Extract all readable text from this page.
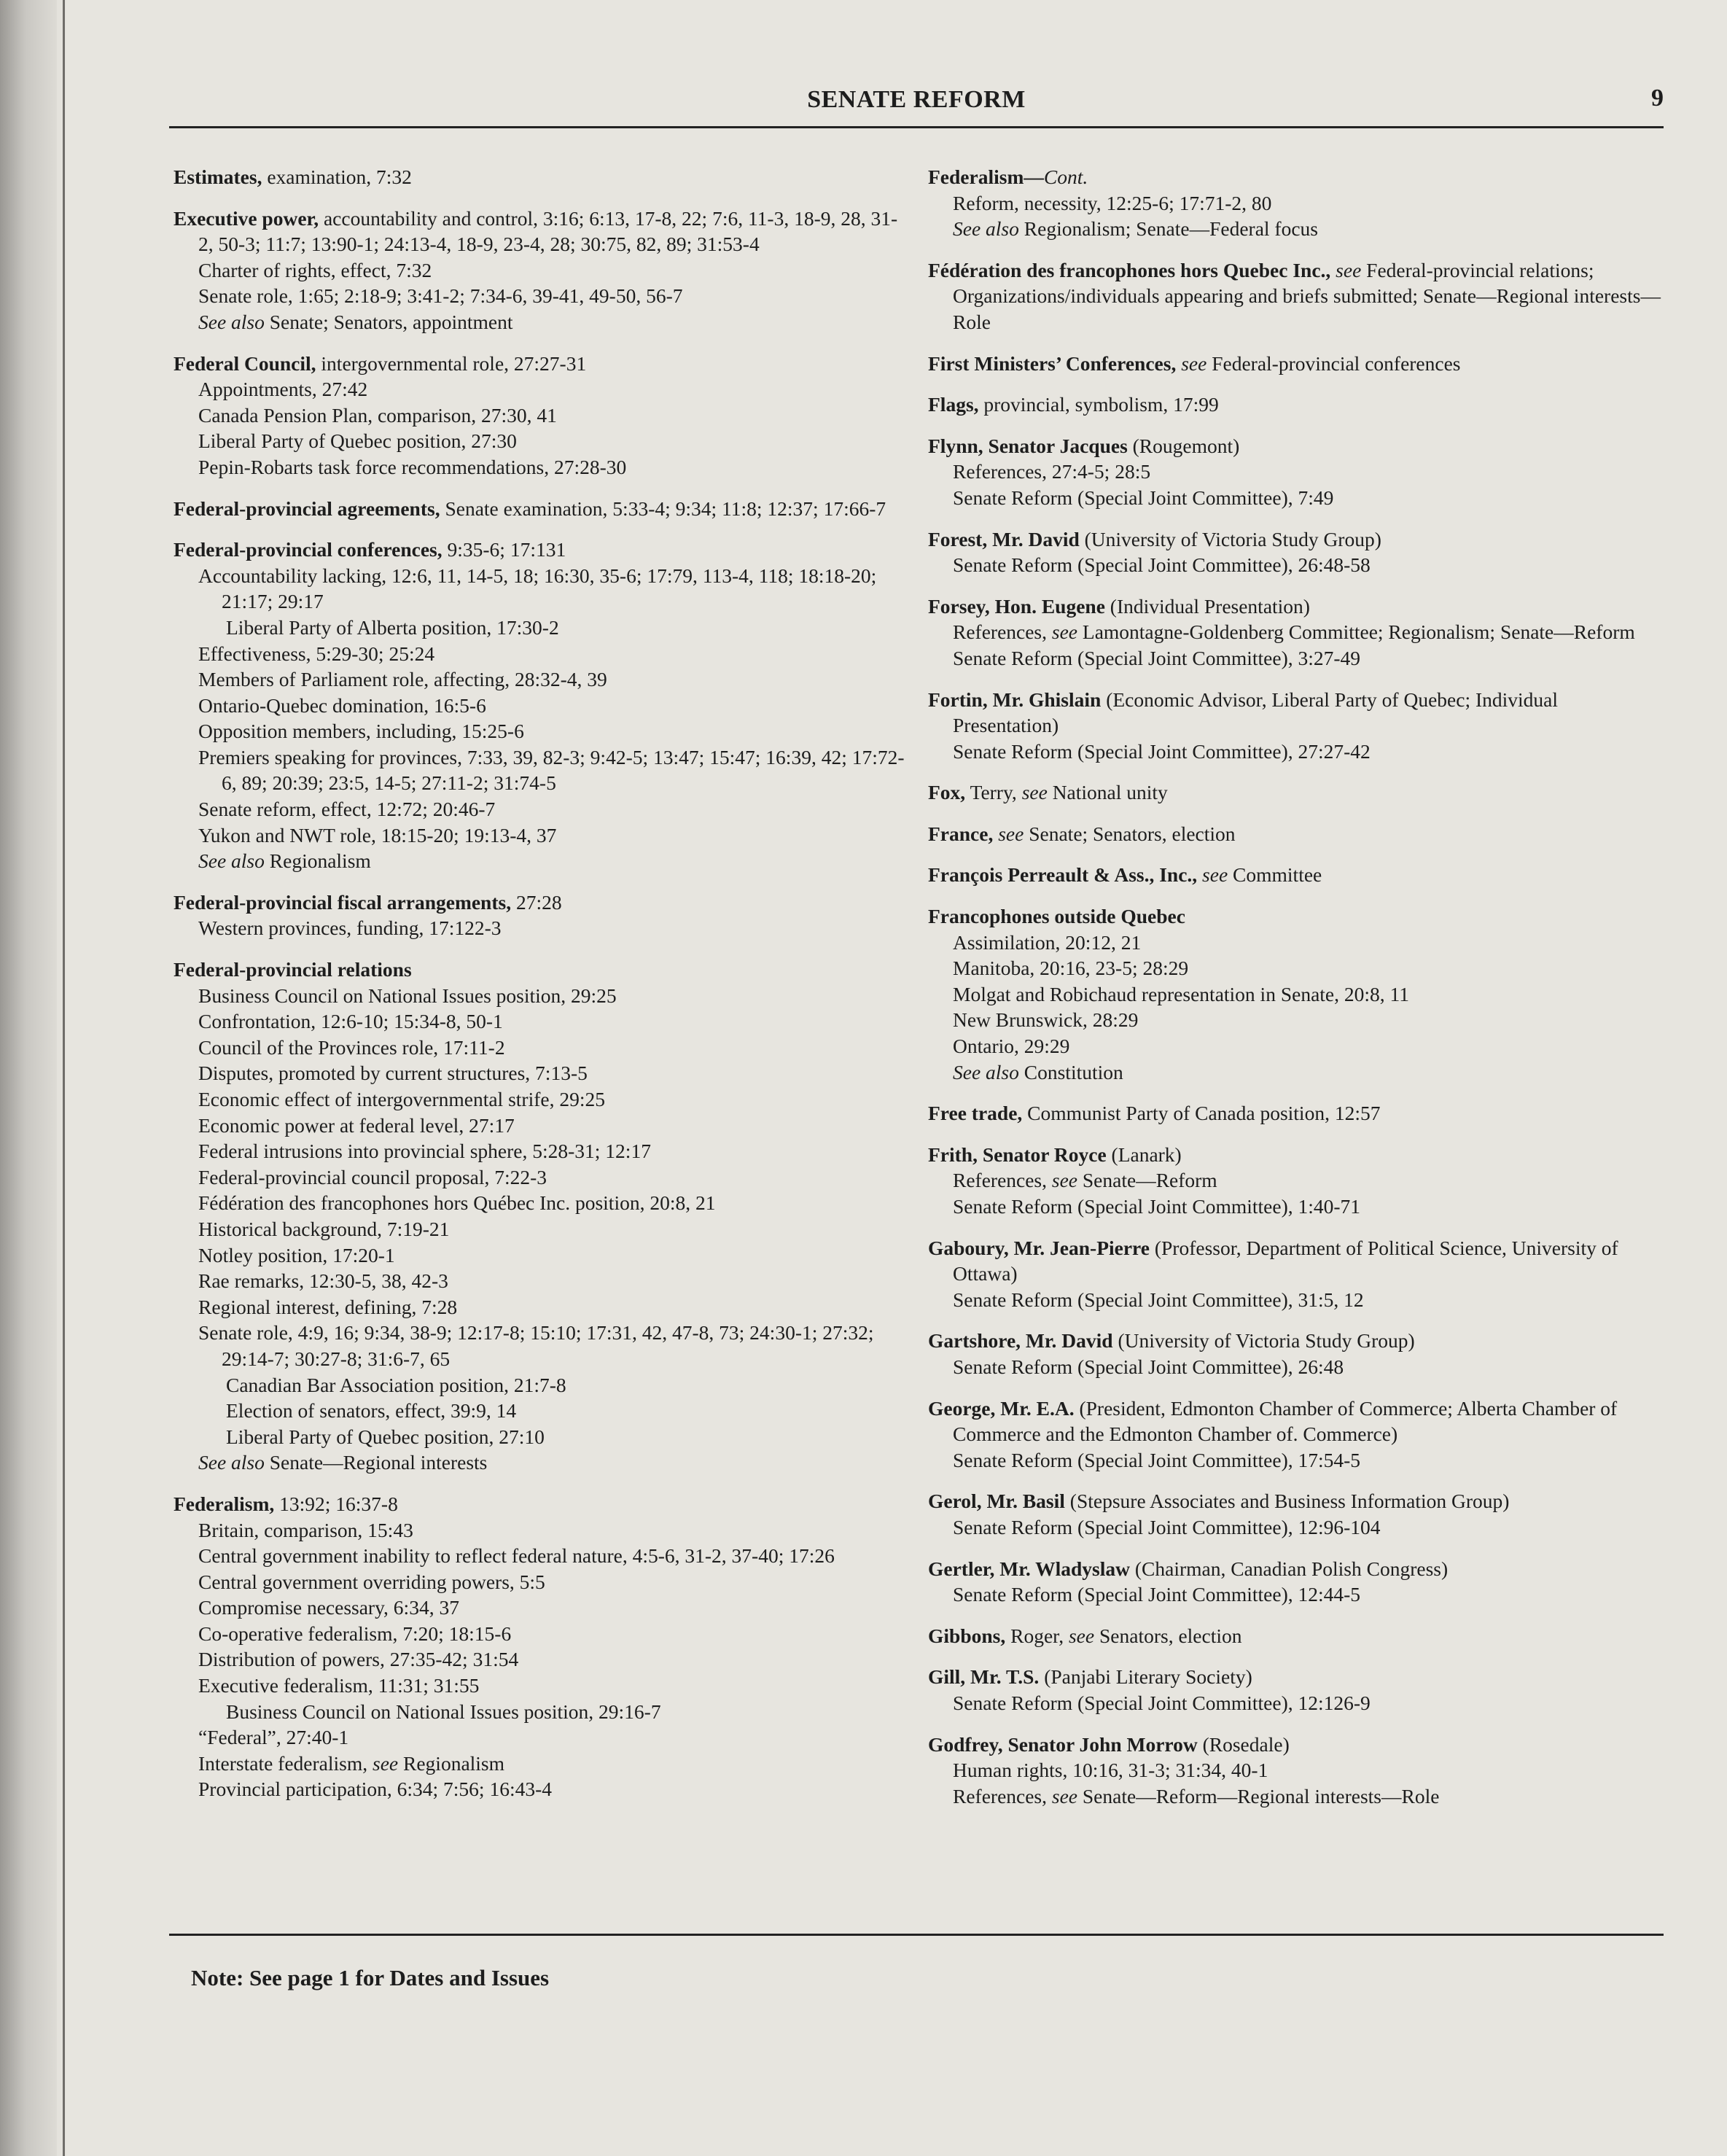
SENATE REFORM	9
Estimates, examination, 7:32
Executive power, accountability and control, 3:16; 6:13, 17-8, 22; 7:6, 11-3, 18-9, 28, 31-2, 50-3; 11:7; 13:90-1; 24:13-4, 18-9, 23-4, 28; 30:75, 82, 89; 31:53-4
Charter of rights, effect, 7:32
Senate role, 1:65; 2:18-9; 3:41-2; 7:34-6, 39-41, 49-50, 56-7
See also Senate; Senators, appointment
Federal Council, intergovernmental role, 27:27-31
Appointments, 27:42
Canada Pension Plan, comparison, 27:30, 41
Liberal Party of Quebec position, 27:30
Pepin-Robarts task force recommendations, 27:28-30
Federal-provincial agreements, Senate examination, 5:33-4; 9:34; 11:8; 12:37; 17:66-7
Federal-provincial conferences, 9:35-6; 17:131
Accountability lacking, 12:6, 11, 14-5, 18; 16:30, 35-6; 17:79, 113-4, 118; 18:18-20; 21:17; 29:17
Liberal Party of Alberta position, 17:30-2
Effectiveness, 5:29-30; 25:24
Members of Parliament role, affecting, 28:32-4, 39
Ontario-Quebec domination, 16:5-6
Opposition members, including, 15:25-6
Premiers speaking for provinces, 7:33, 39, 82-3; 9:42-5; 13:47; 15:47; 16:39, 42; 17:72-6, 89; 20:39; 23:5, 14-5; 27:11-2; 31:74-5
Senate reform, effect, 12:72; 20:46-7
Yukon and NWT role, 18:15-20; 19:13-4, 37
See also Regionalism
Federal-provincial fiscal arrangements, 27:28
Western provinces, funding, 17:122-3
Federal-provincial relations
Business Council on National Issues position, 29:25
Confrontation, 12:6-10; 15:34-8, 50-1
Council of the Provinces role, 17:11-2
Disputes, promoted by current structures, 7:13-5
Economic effect of intergovernmental strife, 29:25
Economic power at federal level, 27:17
Federal intrusions into provincial sphere, 5:28-31; 12:17
Federal-provincial council proposal, 7:22-3
Fédération des francophones hors Québec Inc. position, 20:8, 21
Historical background, 7:19-21
Notley position, 17:20-1
Rae remarks, 12:30-5, 38, 42-3
Regional interest, defining, 7:28
Senate role, 4:9, 16; 9:34, 38-9; 12:17-8; 15:10; 17:31, 42, 47-8, 73; 24:30-1; 27:32; 29:14-7; 30:27-8; 31:6-7, 65
Canadian Bar Association position, 21:7-8
Election of senators, effect, 39:9, 14
Liberal Party of Quebec position, 27:10
See also Senate—Regional interests
Federalism, 13:92; 16:37-8
Britain, comparison, 15:43
Central government inability to reflect federal nature, 4:5-6, 31-2, 37-40; 17:26
Central government overriding powers, 5:5
Compromise necessary, 6:34, 37
Co-operative federalism, 7:20; 18:15-6
Distribution of powers, 27:35-42; 31:54
Executive federalism, 11:31; 31:55
Business Council on National Issues position, 29:16-7
“Federal”, 27:40-1
Interstate federalism, see Regionalism
Provincial participation, 6:34; 7:56; 16:43-4
Federalism—Cont.
Reform, necessity, 12:25-6; 17:71-2, 80
See also Regionalism; Senate—Federal focus
Fédération des francophones hors Quebec Inc., see Federal-provincial relations; Organizations/individuals appearing and briefs submitted; Senate—Regional interests—Role
First Ministers’ Conferences, see Federal-provincial conferences
Flags, provincial, symbolism, 17:99
Flynn, Senator Jacques (Rougemont)
References, 27:4-5; 28:5
Senate Reform (Special Joint Committee), 7:49
Forest, Mr. David (University of Victoria Study Group)
Senate Reform (Special Joint Committee), 26:48-58
Forsey, Hon. Eugene (Individual Presentation)
References, see Lamontagne-Goldenberg Committee; Regionalism; Senate—Reform
Senate Reform (Special Joint Committee), 3:27-49
Fortin, Mr. Ghislain (Economic Advisor, Liberal Party of Quebec; Individual Presentation)
Senate Reform (Special Joint Committee), 27:27-42
Fox, Terry, see National unity
France, see Senate; Senators, election
François Perreault & Ass., Inc., see Committee
Francophones outside Quebec
Assimilation, 20:12, 21
Manitoba, 20:16, 23-5; 28:29
Molgat and Robichaud representation in Senate, 20:8, 11
New Brunswick, 28:29
Ontario, 29:29
See also Constitution
Free trade, Communist Party of Canada position, 12:57
Frith, Senator Royce (Lanark)
References, see Senate—Reform
Senate Reform (Special Joint Committee), 1:40-71
Gaboury, Mr. Jean-Pierre (Professor, Department of Political Science, University of Ottawa)
Senate Reform (Special Joint Committee), 31:5, 12
Gartshore, Mr. David (University of Victoria Study Group)
Senate Reform (Special Joint Committee), 26:48
George, Mr. E.A. (President, Edmonton Chamber of Commerce; Alberta Chamber of Commerce and the Edmonton Chamber of. Commerce)
Senate Reform (Special Joint Committee), 17:54-5
Gerol, Mr. Basil (Stepsure Associates and Business Information Group)
Senate Reform (Special Joint Committee), 12:96-104
Gertler, Mr. Wladyslaw (Chairman, Canadian Polish Congress)
Senate Reform (Special Joint Committee), 12:44-5
Gibbons, Roger, see Senators, election
Gill, Mr. T.S. (Panjabi Literary Society)
Senate Reform (Special Joint Committee), 12:126-9
Godfrey, Senator John Morrow (Rosedale)
Human rights, 10:16, 31-3; 31:34, 40-1
References, see Senate—Reform—Regional interests—Role
Note: See page 1 for Dates and Issues
